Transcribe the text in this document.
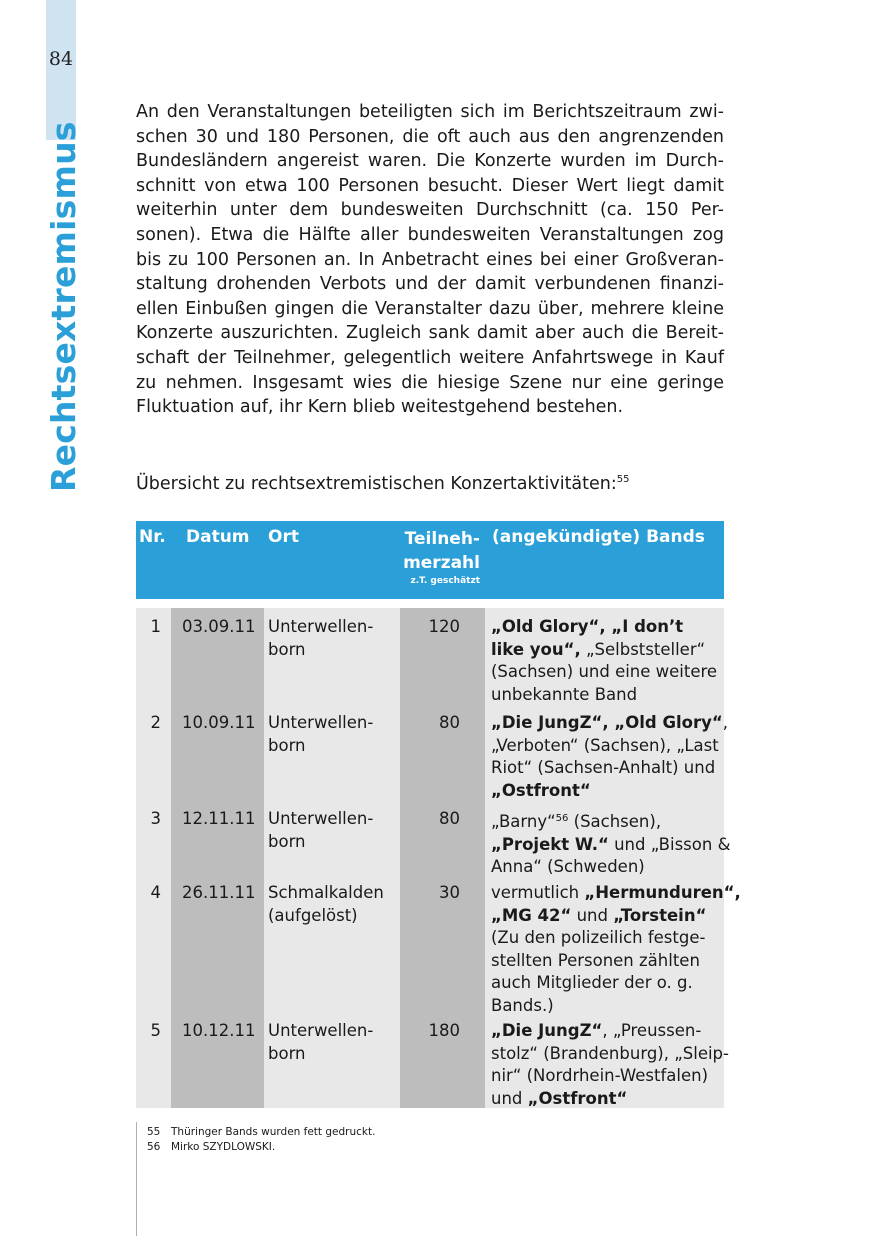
84
Rechtsextremismus
An den Veranstaltungen beteiligten sich im Berichtszeitraum zwi-
schen 30 und 180 Personen, die oft auch aus den angrenzenden
Bundesländern angereist waren. Die Konzerte wurden im Durch-
schnitt von etwa 100 Personen besucht. Dieser Wert liegt damit
weiterhin unter dem bundesweiten Durchschnitt (ca. 150 Per-
sonen). Etwa die Hälfte aller bundesweiten Veranstaltungen zog
bis zu 100 Personen an. In Anbetracht eines bei einer Großveran-
staltung drohenden Verbots und der damit verbundenen finanzi-
ellen Einbußen gingen die Veranstalter dazu über, mehrere kleine
Konzerte auszurichten. Zugleich sank damit aber auch die Bereit-
schaft der Teilnehmer, gelegentlich weitere Anfahrtswege in Kauf
zu nehmen. Insgesamt wies die hiesige Szene nur eine geringe
Fluktuation auf, ihr Kern blieb weitestgehend bestehen.
Übersicht zu rechtsextremistischen Konzertaktivitäten:$^{55}$
Nr. Datum Ort	Teilneh-
merzahl
z.T. geschätzt
(angekündigte) Bands
1 03.09.11 Unterwellen-
born
120 „Old Glory“, „I don’t
like you“, „Selbststeller“
(Sachsen) und eine weitere
unbekannte Band
2 10.09.11 Unterwellen-
born
80 „Die JungZ“, „Old Glory“,
„Verboten“ (Sachsen), „Last
Riot“ (Sachsen-Anhalt) und
„Ostfront“
3 12.11.11 Unterwellen-
born
80 „Barny“$^{56}$ (Sachsen),
„Projekt W.“ und „Bisson &
Anna“ (Schweden)
4 26.11.11 Schmalkalden
(aufgelöst)
30 vermutlich „Hermunduren“,
„MG 42“ und „Torstein“
(Zu den polizeilich festge-
stellten Personen zählten
auch Mitglieder der o. g.
Bands.)
5 10.12.11 Unterwellen-
born
180 „Die JungZ“, „Preussen-
stolz“ (Brandenburg), „Sleip-
nir“ (Nordrhein-Westfalen)
und „Ostfront“
55 Thüringer Bands wurden fett gedruckt.
56 Mirko SZYDLOWSKI.
